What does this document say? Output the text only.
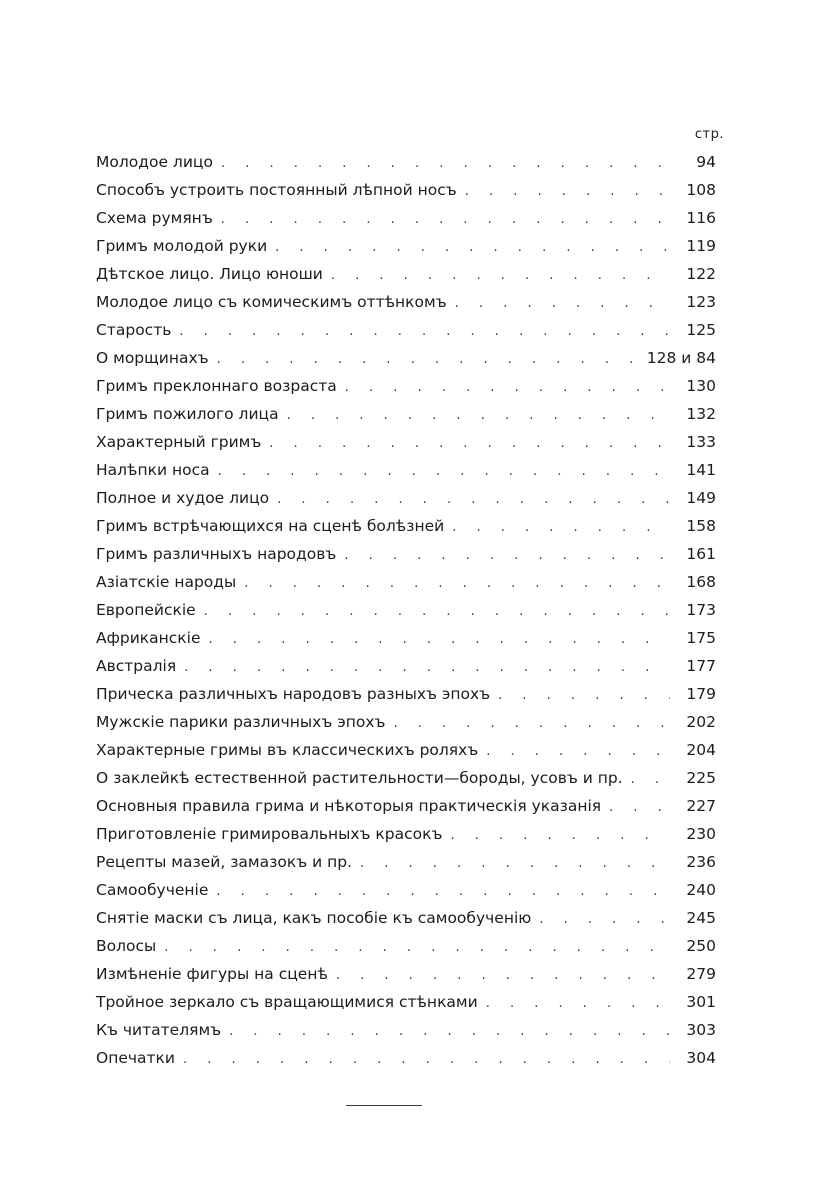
стр.
Молодое лицо . . .	94
Способъ устроить постоянный лѣпной носъ . . .	108
Схема румянъ . . .	116
Гримъ молодой руки . . .	119
Дѣтское лицо. Лицо юноши . . .	122
Молодое лицо съ комическимъ оттѣнкомъ . . .	123
Старость . . .	125
О морщинахъ . . .	128 и 84
Гримъ преклоннаго возраста . . .	130
Гримъ пожилого лица . . .	132
Характерный гримъ . . .	133
Налѣпки носа . . .	141
Полное и худое лицо . . .	149
Гримъ встрѣчающихся на сценѣ болѣзней . . .	158
Гримъ различныхъ народовъ . . .	161
Азiатскiе народы . . .	168
Европейскiе . . .	173
Африканскiе . . .	175
Австралiя . . .	177
Прическа различныхъ народовъ разныхъ эпохъ . . .	179
Мужскiе парики различныхъ эпохъ . . .	202
Характерные гримы въ классическихъ роляхъ . . .	204
О заклейкѣ естественной растительности—бороды, усовъ и пр. . . .	225
Основныя правила грима и нѣкоторыя практическiя указанiя . . .	227
Приготовленiе гримировальныхъ красокъ . . .	230
Рецепты мазей, замазокъ и пр. . . .	236
Самообученiе . . .	240
Снятiе маски съ лица, какъ пособiе къ самообученiю . . .	245
Волосы . . .	250
Измѣненiе фигуры на сценѣ . . .	279
Тройное зеркало съ вращающимися стѣнками . . .	301
Къ читателямъ . . .	303
Опечатки . . .	304
